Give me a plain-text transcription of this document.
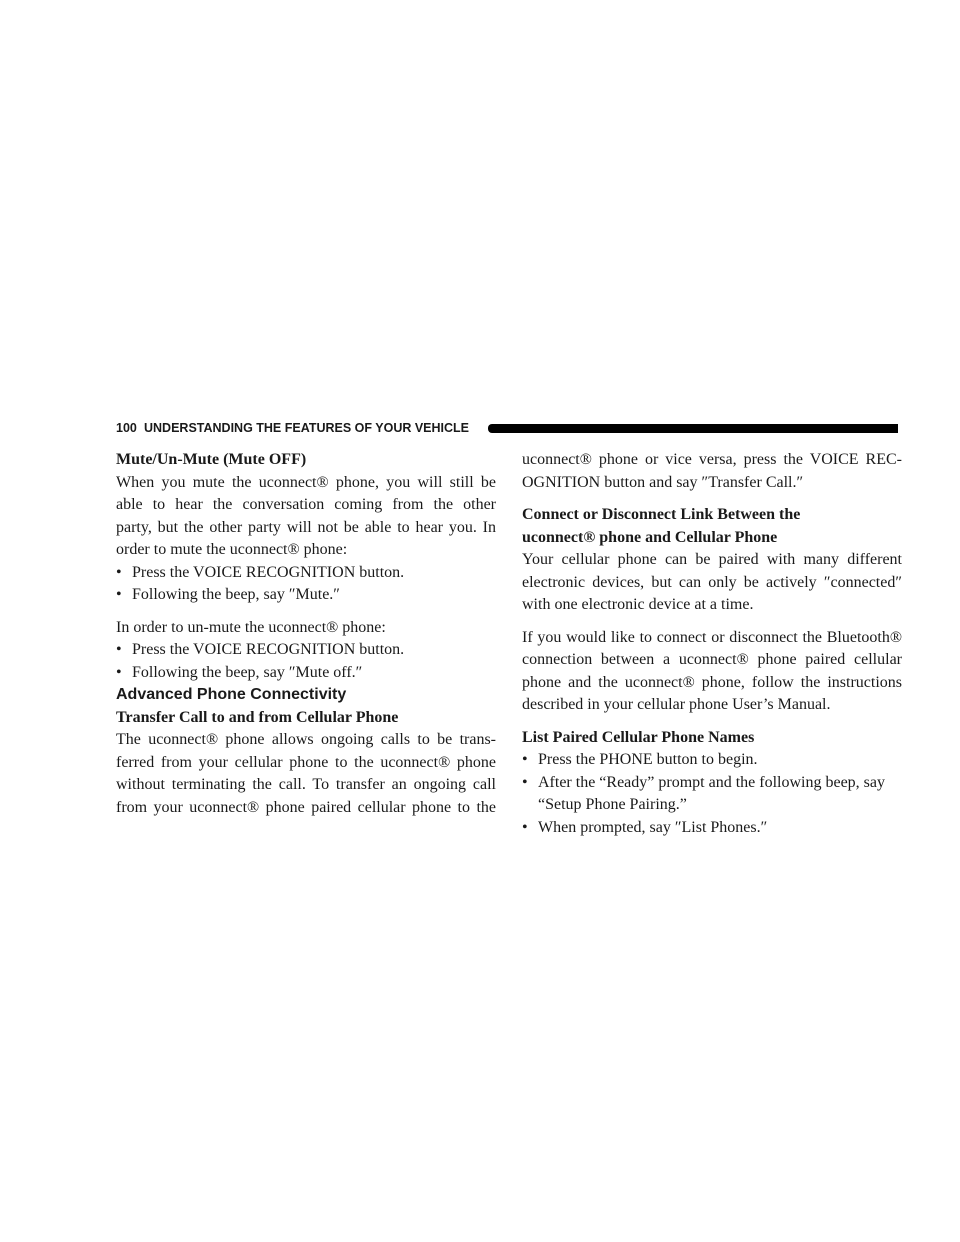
100 UNDERSTANDING THE FEATURES OF YOUR VEHICLE

Mute/Un-Mute (Mute OFF)

When you mute the uconnect® phone, you will still be

able to hear the conversation coming from the other

party, but the other party will not be able to hear you. In

order to mute the uconnect® phone:

• Press the VOICE RECOGNITION button.

• Following the beep, say ″Mute.″

In order to un-mute the uconnect® phone:

• Press the VOICE RECOGNITION button.

• Following the beep, say ″Mute off.″

Advanced Phone Connectivity

Transfer Call to and from Cellular Phone

The uconnect® phone allows ongoing calls to be trans-

ferred from your cellular phone to the uconnect® phone

without terminating the call. To transfer an ongoing call

from your uconnect® phone paired cellular phone to the

uconnect® phone or vice versa, press the VOICE REC-

OGNITION button and say ″Transfer Call.″

Connect or Disconnect Link Between the

uconnect® phone and Cellular Phone

Your cellular phone can be paired with many different

electronic devices, but can only be actively ″connected″

with one electronic device at a time.

If you would like to connect or disconnect the Bluetooth®

connection between a uconnect® phone paired cellular

phone and the uconnect® phone, follow the instructions

described in your cellular phone User’s Manual.

List Paired Cellular Phone Names

• Press the PHONE button to begin.

• After the “Ready” prompt and the following beep, say
“Setup Phone Pairing.”

• When prompted, say ″List Phones.″
